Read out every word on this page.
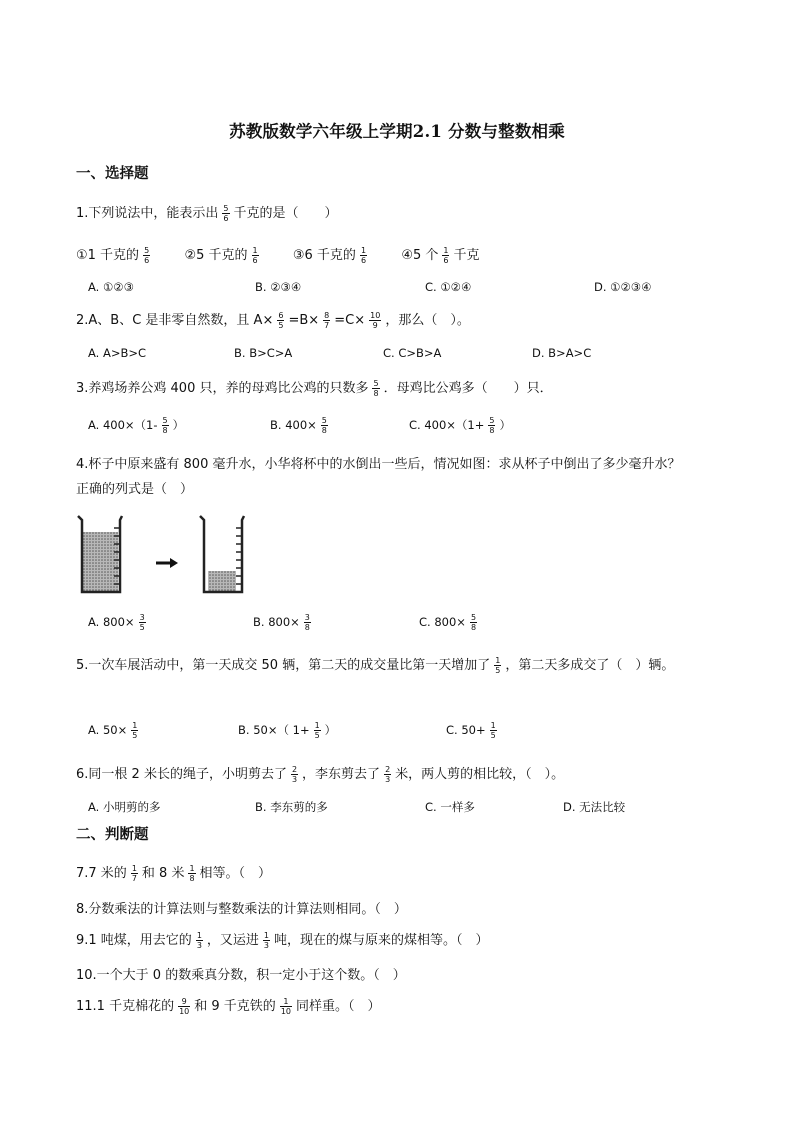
苏教版数学六年级上学期2.1 分数与整数相乘
一、选择题
1.下列说法中，能表示出 $\frac{5}{6}$ 千克的是（　　）
①1 千克的 $\frac{5}{6}$	②5 千克的 $\frac{1}{6}$	③6 千克的 $\frac{1}{6}$	④5 个 $\frac{1}{6}$ 千克
A. ①②③	B. ②③④	C. ①②④	D. ①②③④
2.A、B、C 是非零自然数，且 $A\times \frac{6}{5} =B\times \frac{8}{7} =C\times \frac{10}{9}$ ，那么（　）。
A. A>B>C	B. B>C>A	C. C>B>A	D. B>A>C
3.养鸡场养公鸡 400 只，养的母鸡比公鸡的只数多 $\frac{5}{8}$ ．母鸡比公鸡多（　　）只．
A. $400\times(1- \frac{5}{8}$ ）	B. $400\times \frac{5}{8}$	C. $400\times(1+ \frac{5}{8}$ ）
4.杯子中原来盛有 800 毫升水，小华将杯中的水倒出一些后，情况如图：求从杯子中倒出了多少毫升水？
正确的列式是（　）
A. $800\times \frac{3}{5}$	B. $800\times \frac{3}{8}$	C. $800\times \frac{5}{8}$
5.一次车展活动中，第一天成交 50 辆，第二天的成交量比第一天增加了 $\frac{1}{5}$ ，第二天多成交了（　）辆。
A. $50\times \frac{1}{5}$	B. 50×（ $1+ \frac{1}{5}$ ）	C. $50+ \frac{1}{5}$
6.同一根 2 米长的绳子，小明剪去了 $\frac{2}{3}$ ，李东剪去了 $\frac{2}{3}$ 米，两人剪的相比较，（　）。
A. 小明剪的多	B. 李东剪的多	C. 一样多	D. 无法比较
二、判断题
7.7 米的 $\frac{1}{7}$ 和 8 米 $\frac{1}{8}$ 相等。（　）
8.分数乘法的计算法则与整数乘法的计算法则相同。（　）
9.1 吨煤，用去它的 $\frac{1}{3}$ ，又运进 $\frac{1}{3}$ 吨，现在的煤与原来的煤相等。（　）
10.一个大于 0 的数乘真分数，积一定小于这个数。（　）
11.1 千克棉花的 $\frac{9}{10}$ 和 9 千克铁的 $\frac{1}{10}$ 同样重。（　）
